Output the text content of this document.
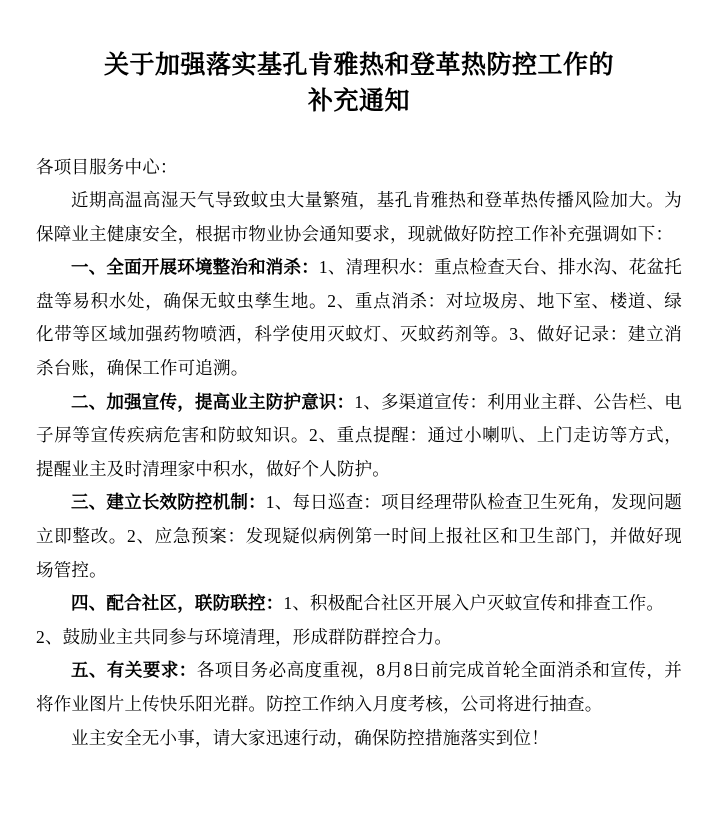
关于加强落实基孔肯雅热和登革热防控工作的
补充通知

各项目服务中心：

近期高温高湿天气导致蚊虫大量繁殖，基孔肯雅热和登革热传播风险加大。为保障业主健康安全，根据市物业协会通知要求，现就做好防控工作补充强调如下：

一、全面开展环境整治和消杀：1、清理积水：重点检查天台、排水沟、花盆托盘等易积水处，确保无蚊虫孳生地。2、重点消杀：对垃圾房、地下室、楼道、绿化带等区域加强药物喷洒，科学使用灭蚊灯、灭蚊药剂等。3、做好记录：建立消杀台账，确保工作可追溯。

二、加强宣传，提高业主防护意识：1、多渠道宣传：利用业主群、公告栏、电子屏等宣传疾病危害和防蚊知识。2、重点提醒：通过小喇叭、上门走访等方式，提醒业主及时清理家中积水，做好个人防护。

三、建立长效防控机制：1、每日巡查：项目经理带队检查卫生死角，发现问题立即整改。2、应急预案：发现疑似病例第一时间上报社区和卫生部门，并做好现场管控。

四、配合社区，联防联控：1、积极配合社区开展入户灭蚊宣传和排查工作。

2、鼓励业主共同参与环境清理，形成群防群控合力。

五、有关要求：各项目务必高度重视，8月8日前完成首轮全面消杀和宣传，并将作业图片上传快乐阳光群。防控工作纳入月度考核，公司将进行抽查。

业主安全无小事，请大家迅速行动，确保防控措施落实到位！
